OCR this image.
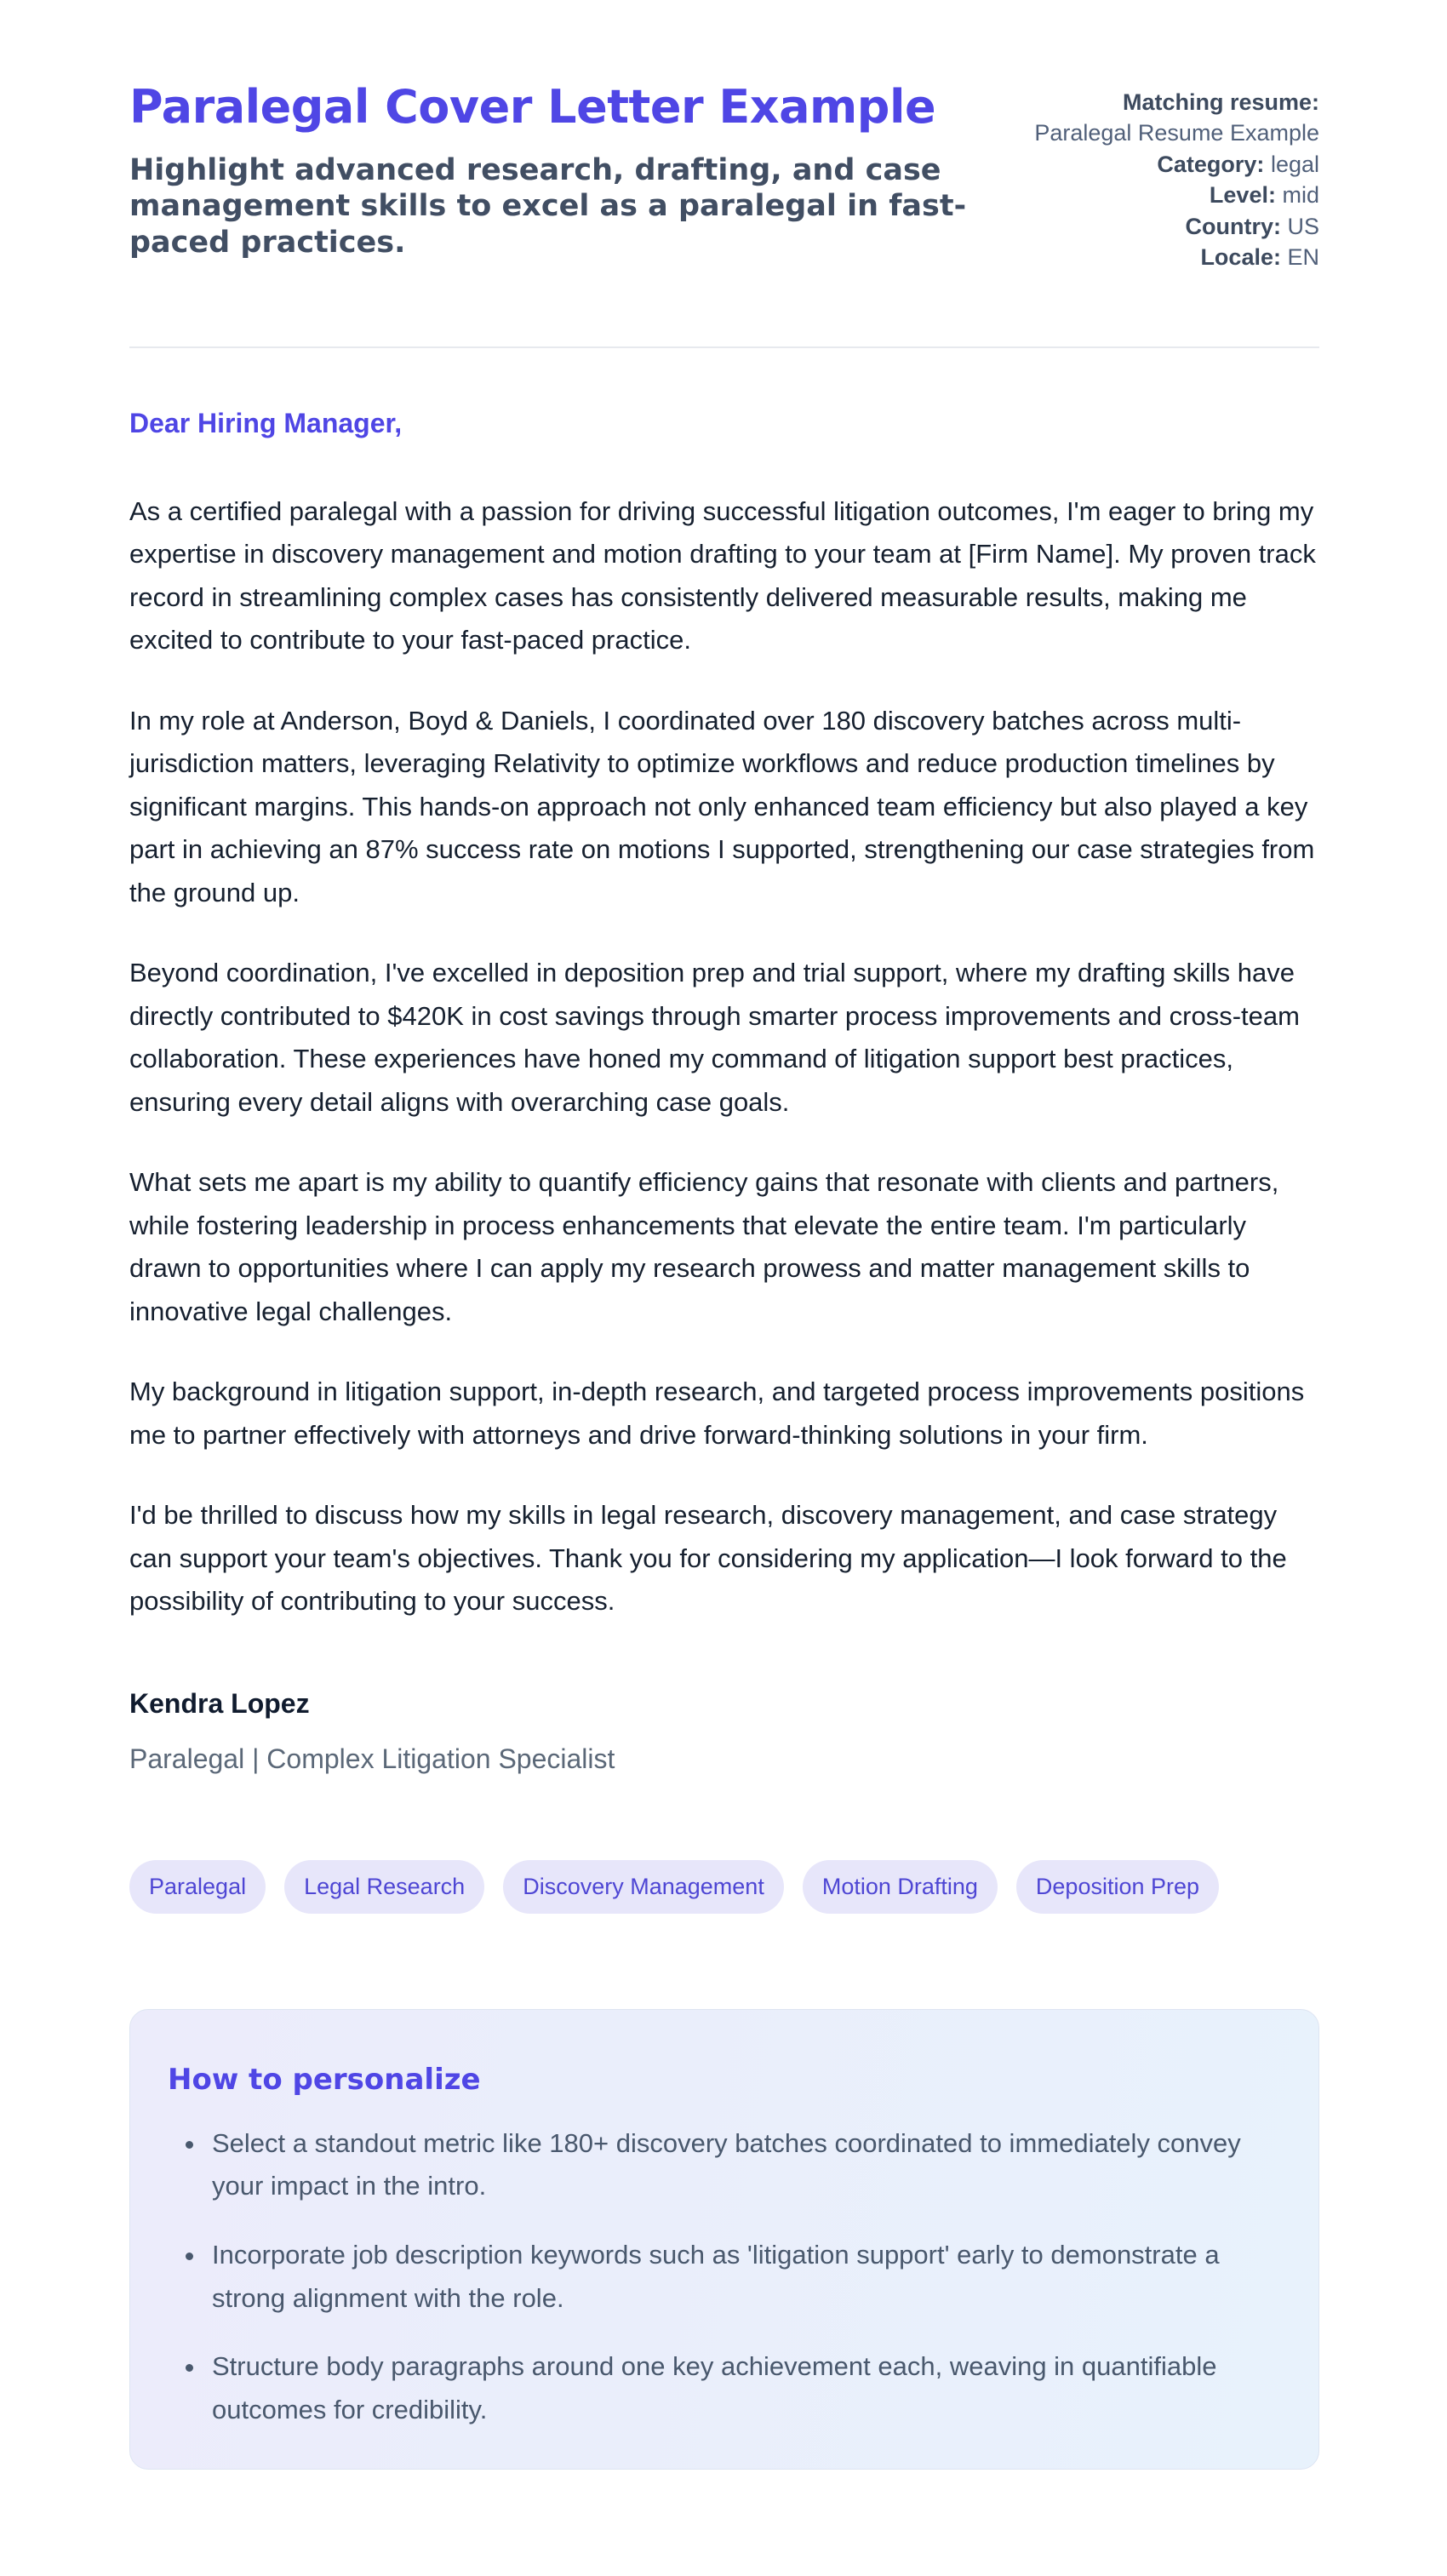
Paralegal Cover Letter Example
Highlight advanced research, drafting, and case management skills to excel as a paralegal in fast-paced practices.
Matching resume: Paralegal Resume Example
Category: legal
Level: mid
Country: US
Locale: EN

Dear Hiring Manager,

As a certified paralegal with a passion for driving successful litigation outcomes, I'm eager to bring my expertise in discovery management and motion drafting to your team at [Firm Name]. My proven track record in streamlining complex cases has consistently delivered measurable results, making me excited to contribute to your fast-paced practice.

In my role at Anderson, Boyd & Daniels, I coordinated over 180 discovery batches across multi-jurisdiction matters, leveraging Relativity to optimize workflows and reduce production timelines by significant margins. This hands-on approach not only enhanced team efficiency but also played a key part in achieving an 87% success rate on motions I supported, strengthening our case strategies from the ground up.

Beyond coordination, I've excelled in deposition prep and trial support, where my drafting skills have directly contributed to $420K in cost savings through smarter process improvements and cross-team collaboration. These experiences have honed my command of litigation support best practices, ensuring every detail aligns with overarching case goals.

What sets me apart is my ability to quantify efficiency gains that resonate with clients and partners, while fostering leadership in process enhancements that elevate the entire team. I'm particularly drawn to opportunities where I can apply my research prowess and matter management skills to innovative legal challenges.

My background in litigation support, in-depth research, and targeted process improvements positions me to partner effectively with attorneys and drive forward-thinking solutions in your firm.

I'd be thrilled to discuss how my skills in legal research, discovery management, and case strategy can support your team's objectives. Thank you for considering my application—I look forward to the possibility of contributing to your success.

Kendra Lopez

Paralegal | Complex Litigation Specialist

Paralegal	Legal Research	Discovery Management	Motion Drafting	Deposition Prep
How to personalize
• Select a standout metric like 180+ discovery batches coordinated to immediately convey your impact in the intro.
• Incorporate job description keywords such as 'litigation support' early to demonstrate a strong alignment with the role.
• Structure body paragraphs around one key achievement each, weaving in quantifiable outcomes for credibility.
